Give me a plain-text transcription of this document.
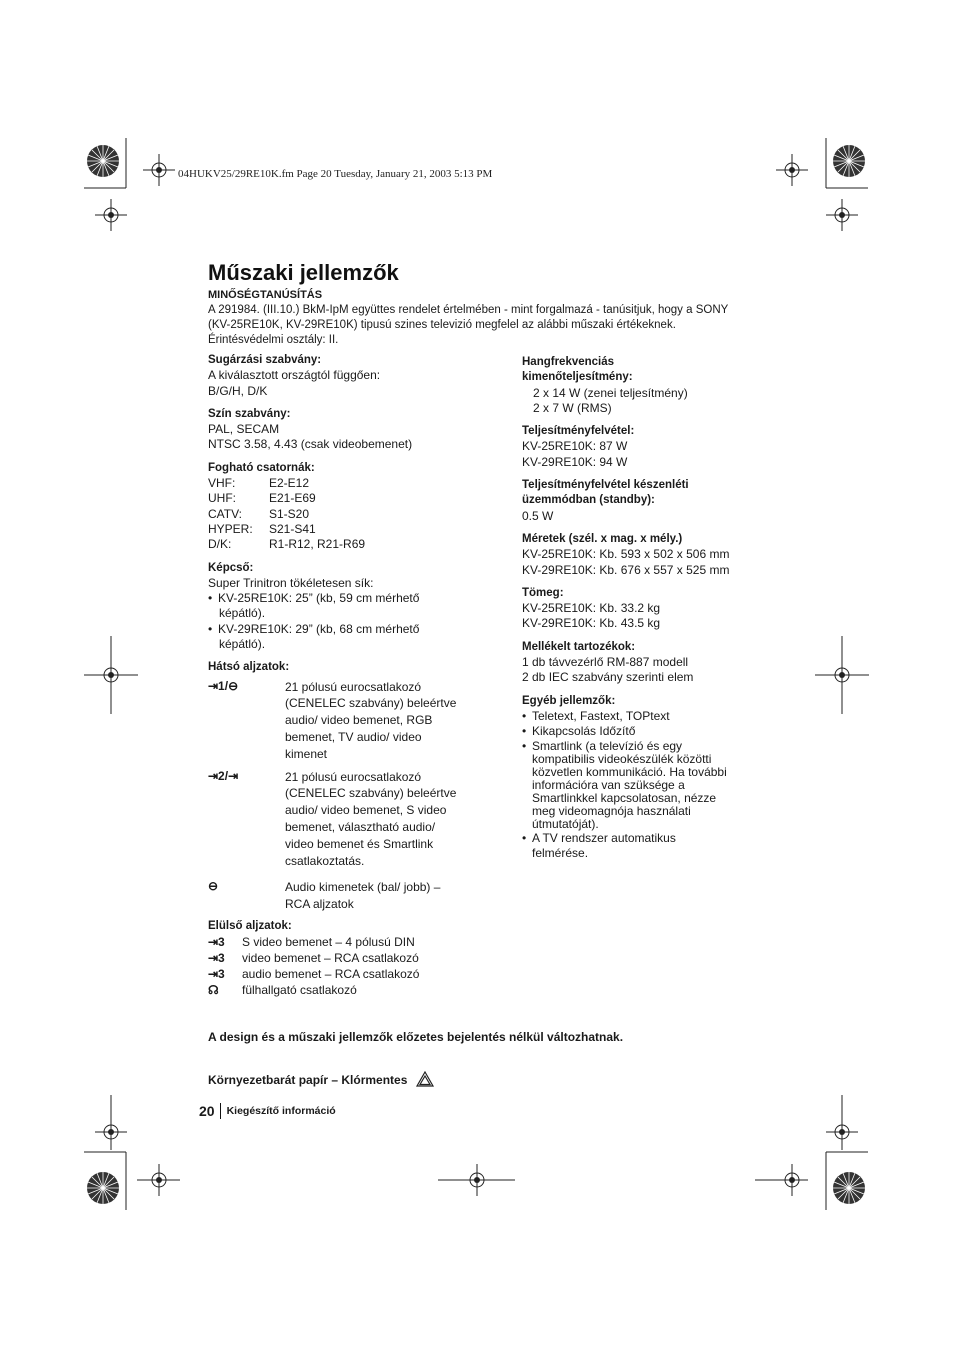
04HUKV25/29RE10K.fm Page 20 Tuesday, January 21, 2003 5:13 PM
Műszaki jellemzők
MINŐSÉGTANÚSÍTÁS
A 291984. (III.10.) BkM-IpM együttes rendelet értelmében - mint forgalmazá - tanúsitjuk, hogy a SONY
(KV-25RE10K, KV-29RE10K) tipusú szines televizió megfelel az alábbi műszaki értékeknek.
Érintésvédelmi osztály: II.
Sugárzási szabvány:
A kiválasztott országtól függően:
B/G/H, D/K
Szín szabvány:
PAL, SECAM
NTSC 3.58, 4.43 (csak videobemenet)
Fogható csatornák:
VHF:	E2-E12
UHF:	E21-E69
CATV:	S1-S20
HYPER:	S21-S41
D/K:	R1-R12, R21-R69
Képcső:
Super Trinitron tökéletesen sík:
• KV-25RE10K: 25” (kb, 59 cm mérhető
képátló).
• KV-29RE10K: 29” (kb, 68 cm mérhető
képátló).
Hátsó aljzatok:
⇥1/⊖	21 pólusú eurocsatlakozó
(CENELEC szabvány) beleértve
audio/ video bemenet, RGB
bemenet, TV audio/ video
kimenet
⇥2/⇥	21 pólusú eurocsatlakozó
(CENELEC szabvány) beleértve
audio/ video bemenet, S video
bemenet, választható audio/
video bemenet és Smartlink
csatlakoztatás.
⊖	Audio kimenetek (bal/ jobb) –
RCA aljzatok
Elülső aljzatok:
⇥3	S video bemenet – 4 pólusú DIN
⇥3	video bemenet – RCA csatlakozó
⇥3	audio bemenet – RCA csatlakozó
☊	fülhallgató csatlakozó
Hangfrekvenciás
kimenőteljesítmény:
2 x 14 W (zenei teljesítmény)
2 x 7 W (RMS)
Teljesítményfelvétel:
KV-25RE10K: 87 W
KV-29RE10K: 94 W
Teljesítményfelvétel készenléti
üzemmódban (standby):
0.5 W
Méretek (szél. x mag. x mély.)
KV-25RE10K: Kb. 593 x 502 x 506 mm
KV-29RE10K: Kb. 676 x 557 x 525 mm
Tömeg:
KV-25RE10K: Kb. 33.2 kg
KV-29RE10K: Kb. 43.5 kg
Mellékelt tartozékok:
1 db távvezérlő RM-887 modell
2 db IEC szabvány szerinti elem
Egyéb jellemzők:
• Teletext, Fastext, TOPtext
• Kikapcsolás Időzítő
• Smartlink (a televízió és egy
kompatibilis videokészülék közötti
közvetlen kommunikáció. Ha további
információra van szüksége a
Smartlinkkel kapcsolatosan, nézze
meg videomagnója használati
útmutatóját).
• A TV rendszer automatikus
felmérése.
A design és a műszaki jellemzők előzetes bejelentés nélkül változhatnak.
Környezetbarát papír – Klórmentes
20	Kiegészítő információ
